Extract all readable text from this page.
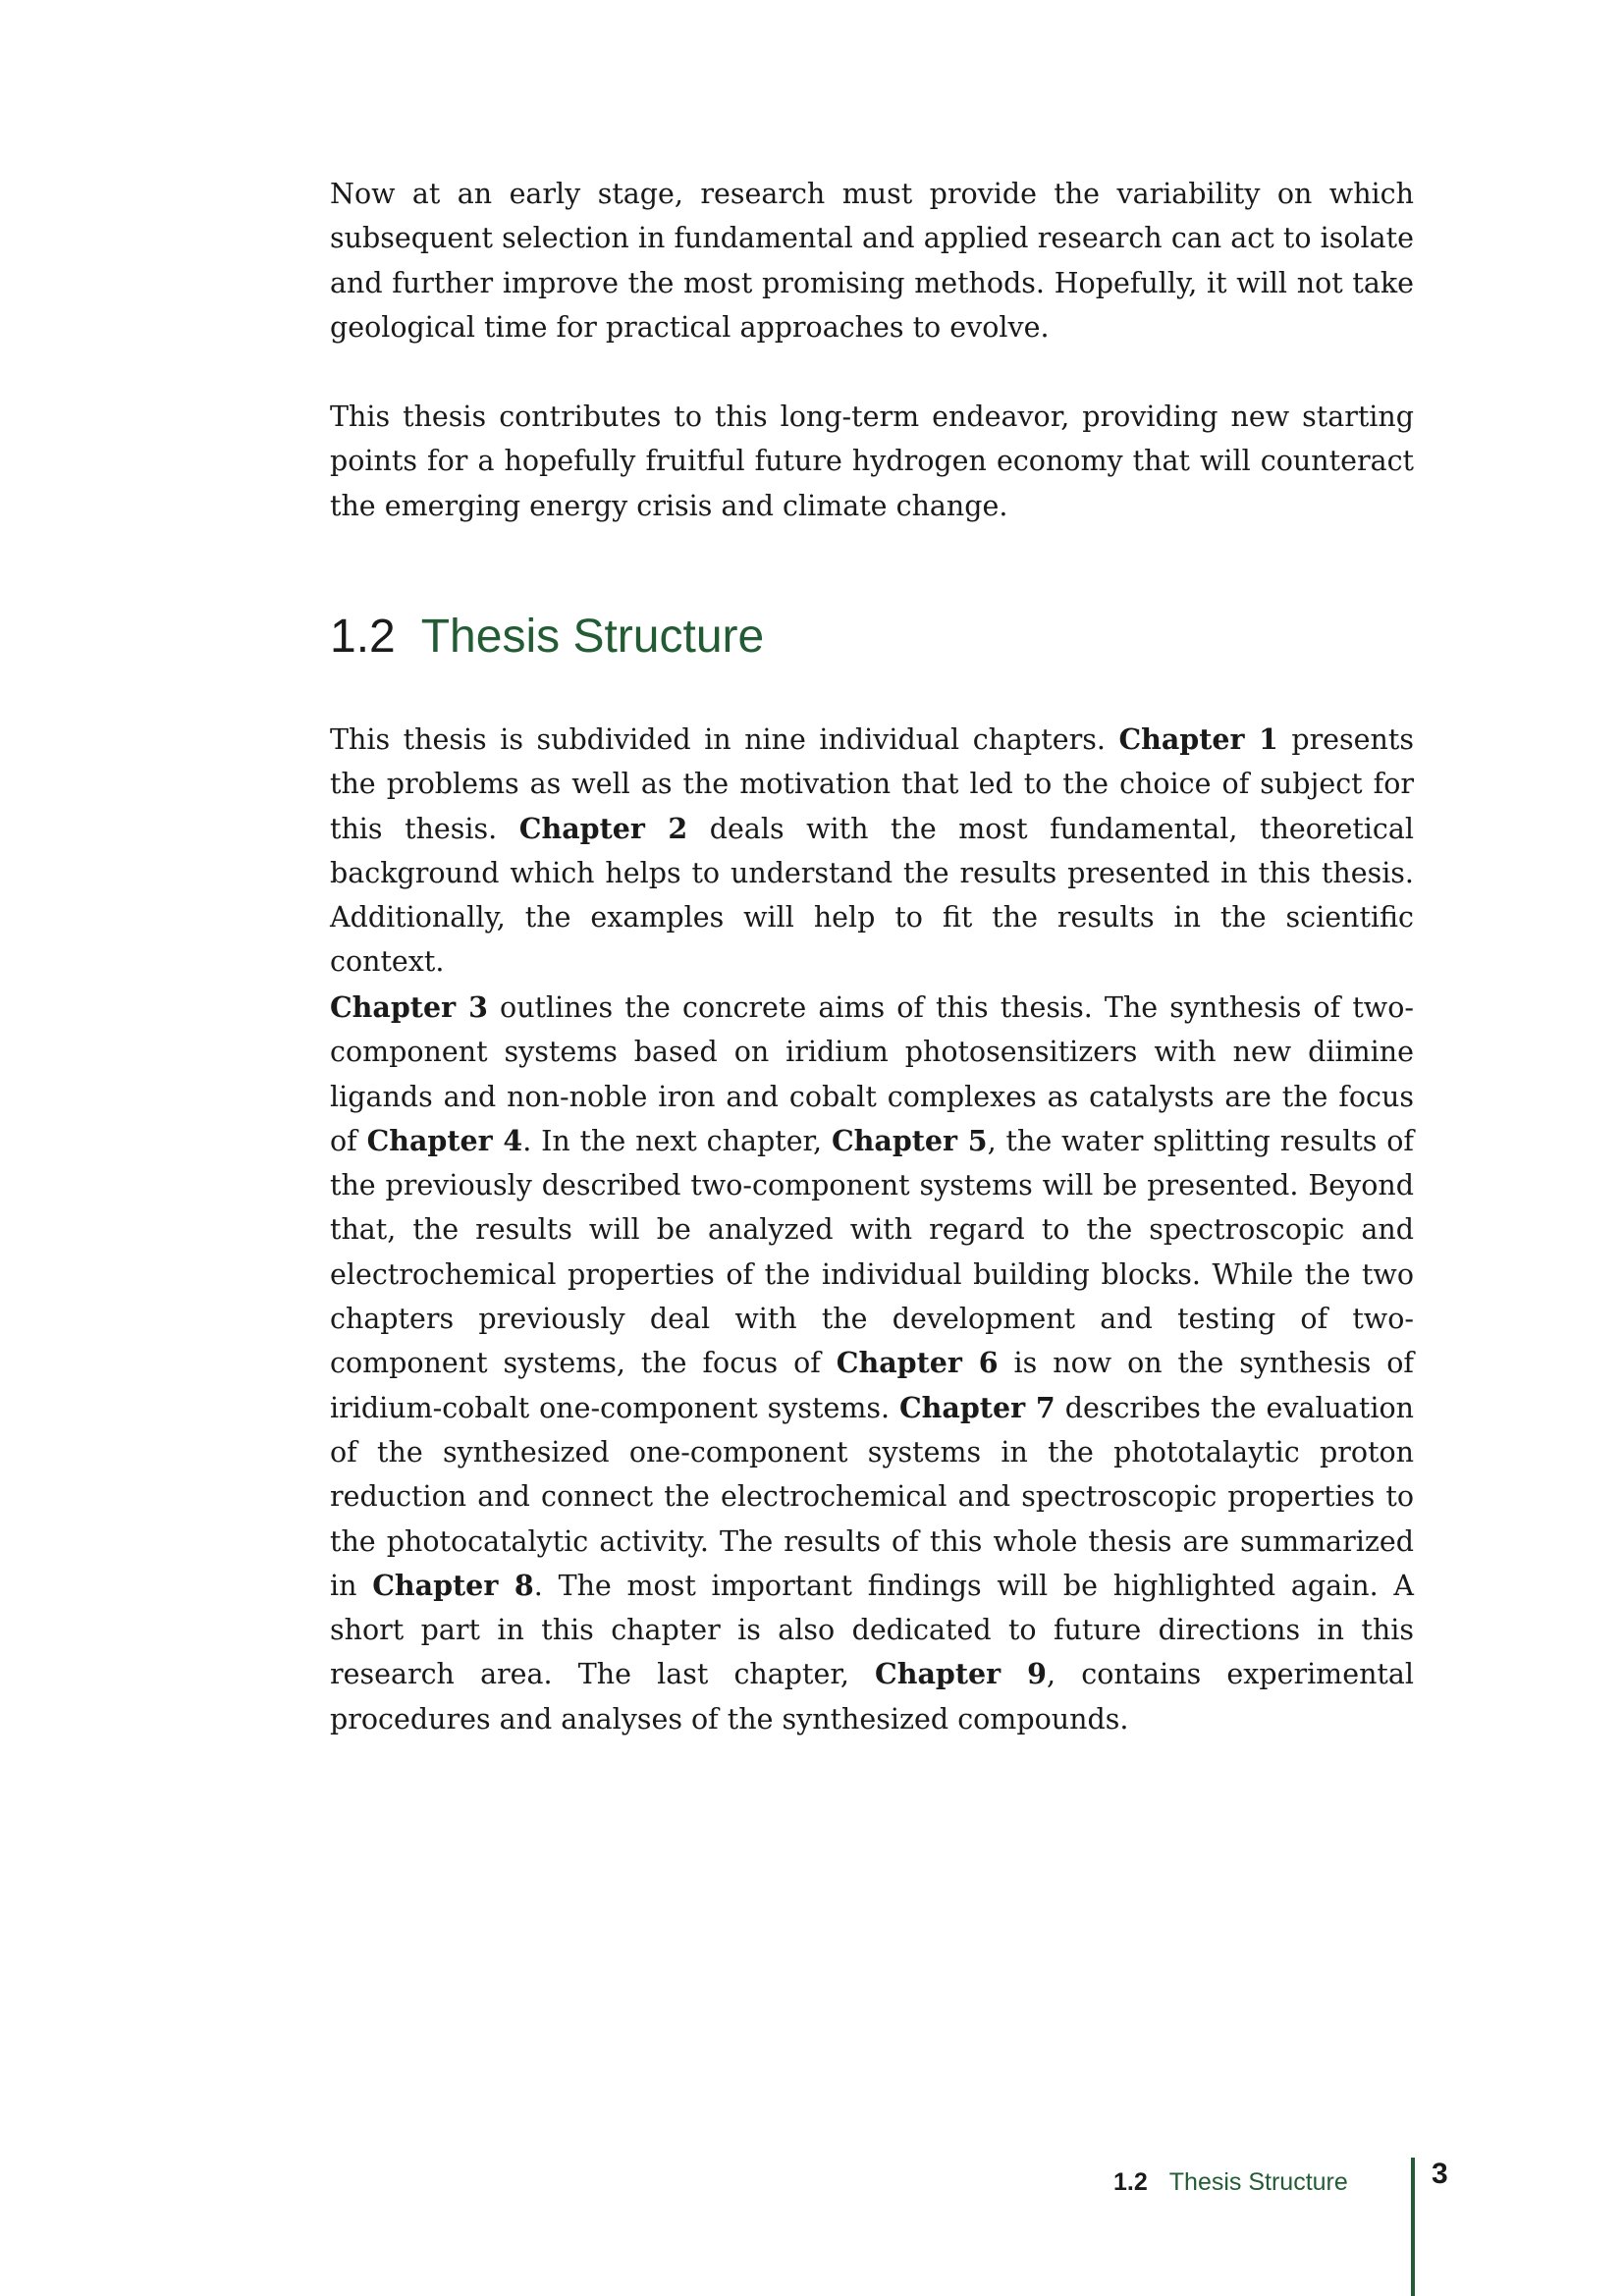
Now at an early stage, research must provide the variability on which subsequent selection in fundamental and applied research can act to isolate and further improve the most promising methods. Hopefully, it will not take geological time for practical approaches to evolve.

This thesis contributes to this long-term endeavor, providing new starting points for a hopefully fruitful future hydrogen economy that will counteract the emerging energy crisis and climate change.

1.2 Thesis Structure

This thesis is subdivided in nine individual chapters. Chapter 1 presents the problems as well as the motivation that led to the choice of subject for this thesis. Chapter 2 deals with the most fundamental, theoretical background which helps to understand the results presented in this thesis. Additionally, the examples will help to fit the results in the scientific context.

Chapter 3 outlines the concrete aims of this thesis. The synthesis of two-component systems based on iridium photosensitizers with new diimine ligands and non-noble iron and cobalt complexes as catalysts are the focus of Chapter 4. In the next chapter, Chapter 5, the water splitting results of the previously described two-component systems will be presented. Beyond that, the results will be analyzed with regard to the spectroscopic and electrochemical properties of the individual building blocks. While the two chapters previously deal with the development and testing of two-component systems, the focus of Chapter 6 is now on the synthesis of iridium-cobalt one-component systems. Chapter 7 describes the evaluation of the synthesized one-component systems in the phototalaytic proton reduction and connect the electrochemical and spectroscopic properties to the photocatalytic activity. The results of this whole thesis are summarized in Chapter 8. The most important findings will be highlighted again. A short part in this chapter is also dedicated to future directions in this research area. The last chapter, Chapter 9, contains experimental procedures and analyses of the synthesized compounds.

1.2 Thesis Structure	3
